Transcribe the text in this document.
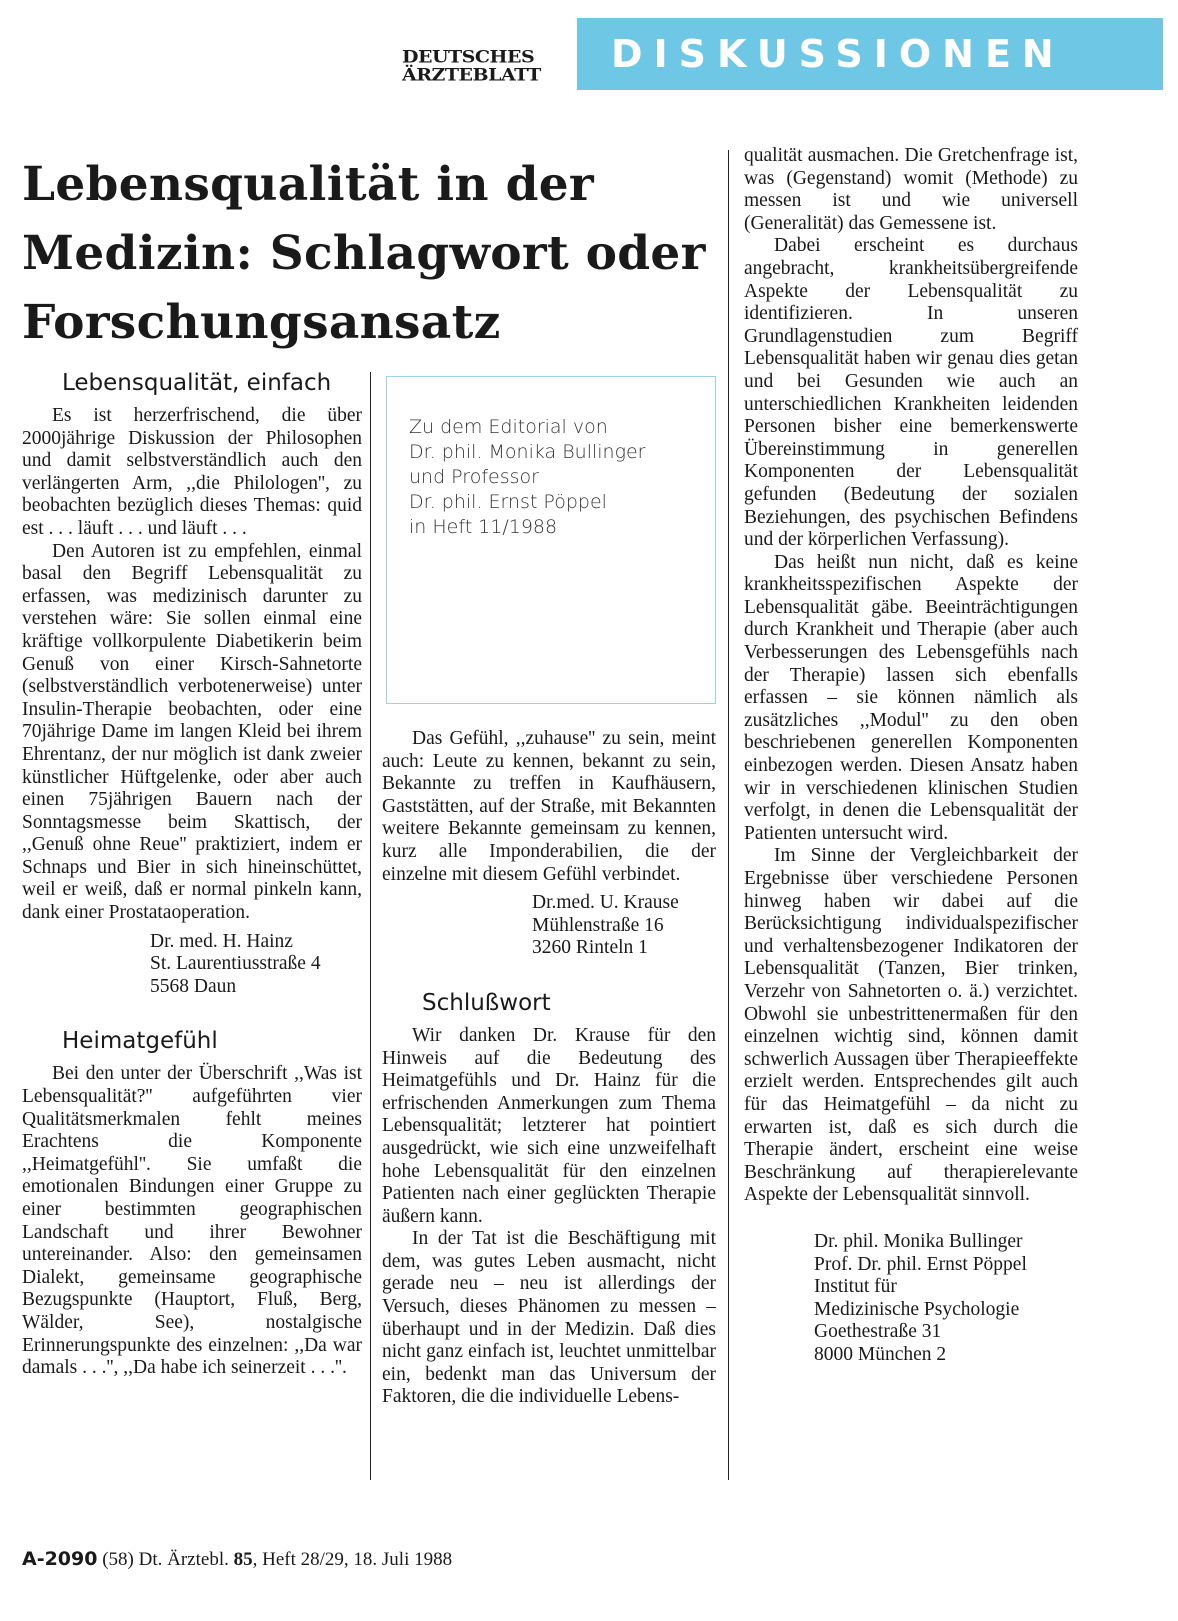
DEUTSCHES
ÄRZTEBLATT	DISKUSSIONEN
Lebensqualität in der Medizin: Schlagwort oder Forschungsansatz
Lebensqualität, einfach

Es ist herzerfrischend, die über 2000jährige Diskussion der Philosophen und damit selbstverständlich auch den verlängerten Arm, ,,die Philologen'', zu beobachten bezüglich dieses Themas: quid est . . . läuft . . . und läuft . . .

Den Autoren ist zu empfehlen, einmal basal den Begriff Lebensqualität zu erfassen, was medizinisch darunter zu verstehen wäre: Sie sollen einmal eine kräftige vollkorpulente Diabetikerin beim Genuß von einer Kirsch-Sahnetorte (selbstverständlich verbotenerweise) unter Insulin-Therapie beobachten, oder eine 70jährige Dame im langen Kleid bei ihrem Ehrentanz, der nur möglich ist dank zweier künstlicher Hüftgelenke, oder aber auch einen 75jährigen Bauern nach der Sonntagsmesse beim Skattisch, der ,,Genuß ohne Reue'' praktiziert, indem er Schnaps und Bier in sich hineinschüttet, weil er weiß, daß er normal pinkeln kann, dank einer Prostataoperation.

Dr. med. H. Hainz
St. Laurentiusstraße 4
5568 Daun
Heimatgefühl

Bei den unter der Überschrift ,,Was ist Lebensqualität?'' aufgeführten vier Qualitätsmerkmalen fehlt meines Erachtens die Komponente ,,Heimatgefühl''. Sie umfaßt die emotionalen Bindungen einer Gruppe zu einer bestimmten geographischen Landschaft und ihrer Bewohner untereinander. Also: den gemeinsamen Dialekt, gemeinsame geographische Bezugspunkte (Hauptort, Fluß, Berg, Wälder, See), nostalgische Erinnerungspunkte des einzelnen: ,,Da war damals . . .'', ,,Da habe ich seinerzeit . . .''.

Zu dem Editorial von
Dr. phil. Monika Bullinger
und Professor
Dr. phil. Ernst Pöppel
in Heft 11/1988

Das Gefühl, ,,zuhause'' zu sein, meint auch: Leute zu kennen, bekannt zu sein, Bekannte zu treffen in Kaufhäusern, Gaststätten, auf der Straße, mit Bekannten weitere Bekannte gemeinsam zu kennen, kurz alle Imponderabilien, die der einzelne mit diesem Gefühl verbindet.

Dr.med. U. Krause
Mühlenstraße 16
3260 Rinteln 1
Schlußwort

Wir danken Dr. Krause für den Hinweis auf die Bedeutung des Heimatgefühls und Dr. Hainz für die erfrischenden Anmerkungen zum Thema Lebensqualität; letzterer hat pointiert ausgedrückt, wie sich eine unzweifelhaft hohe Lebensqualität für den einzelnen Patienten nach einer geglückten Therapie äußern kann.

In der Tat ist die Beschäftigung mit dem, was gutes Leben ausmacht, nicht gerade neu – neu ist allerdings der Versuch, dieses Phänomen zu messen – überhaupt und in der Medizin. Daß dies nicht ganz einfach ist, leuchtet unmittelbar ein, bedenkt man das Universum der Faktoren, die die individuelle Lebens-

qualität ausmachen. Die Gretchenfrage ist, was (Gegenstand) womit (Methode) zu messen ist und wie universell (Generalität) das Gemessene ist.

Dabei erscheint es durchaus angebracht, krankheitsübergreifende Aspekte der Lebensqualität zu identifizieren. In unseren Grundlagenstudien zum Begriff Lebensqualität haben wir genau dies getan und bei Gesunden wie auch an unterschiedlichen Krankheiten leidenden Personen bisher eine bemerkenswerte Übereinstimmung in generellen Komponenten der Lebensqualität gefunden (Bedeutung der sozialen Beziehungen, des psychischen Befindens und der körperlichen Verfassung).

Das heißt nun nicht, daß es keine krankheitsspezifischen Aspekte der Lebensqualität gäbe. Beeinträchtigungen durch Krankheit und Therapie (aber auch Verbesserungen des Lebensgefühls nach der Therapie) lassen sich ebenfalls erfassen – sie können nämlich als zusätzliches ,,Modul'' zu den oben beschriebenen generellen Komponenten einbezogen werden. Diesen Ansatz haben wir in verschiedenen klinischen Studien verfolgt, in denen die Lebensqualität der Patienten untersucht wird.

Im Sinne der Vergleichbarkeit der Ergebnisse über verschiedene Personen hinweg haben wir dabei auf die Berücksichtigung individualspezifischer und verhaltensbezogener Indikatoren der Lebensqualität (Tanzen, Bier trinken, Verzehr von Sahnetorten o. ä.) verzichtet. Obwohl sie unbestrittenermaßen für den einzelnen wichtig sind, können damit schwerlich Aussagen über Therapieeffekte erzielt werden. Entsprechendes gilt auch für das Heimatgefühl – da nicht zu erwarten ist, daß es sich durch die Therapie ändert, erscheint eine weise Beschränkung auf therapierelevante Aspekte der Lebensqualität sinnvoll.

Dr. phil. Monika Bullinger
Prof. Dr. phil. Ernst Pöppel
Institut für
Medizinische Psychologie
Goethestraße 31
8000 München 2
A-2090 (58) Dt. Ärztebl. 85, Heft 28/29, 18. Juli 1988
